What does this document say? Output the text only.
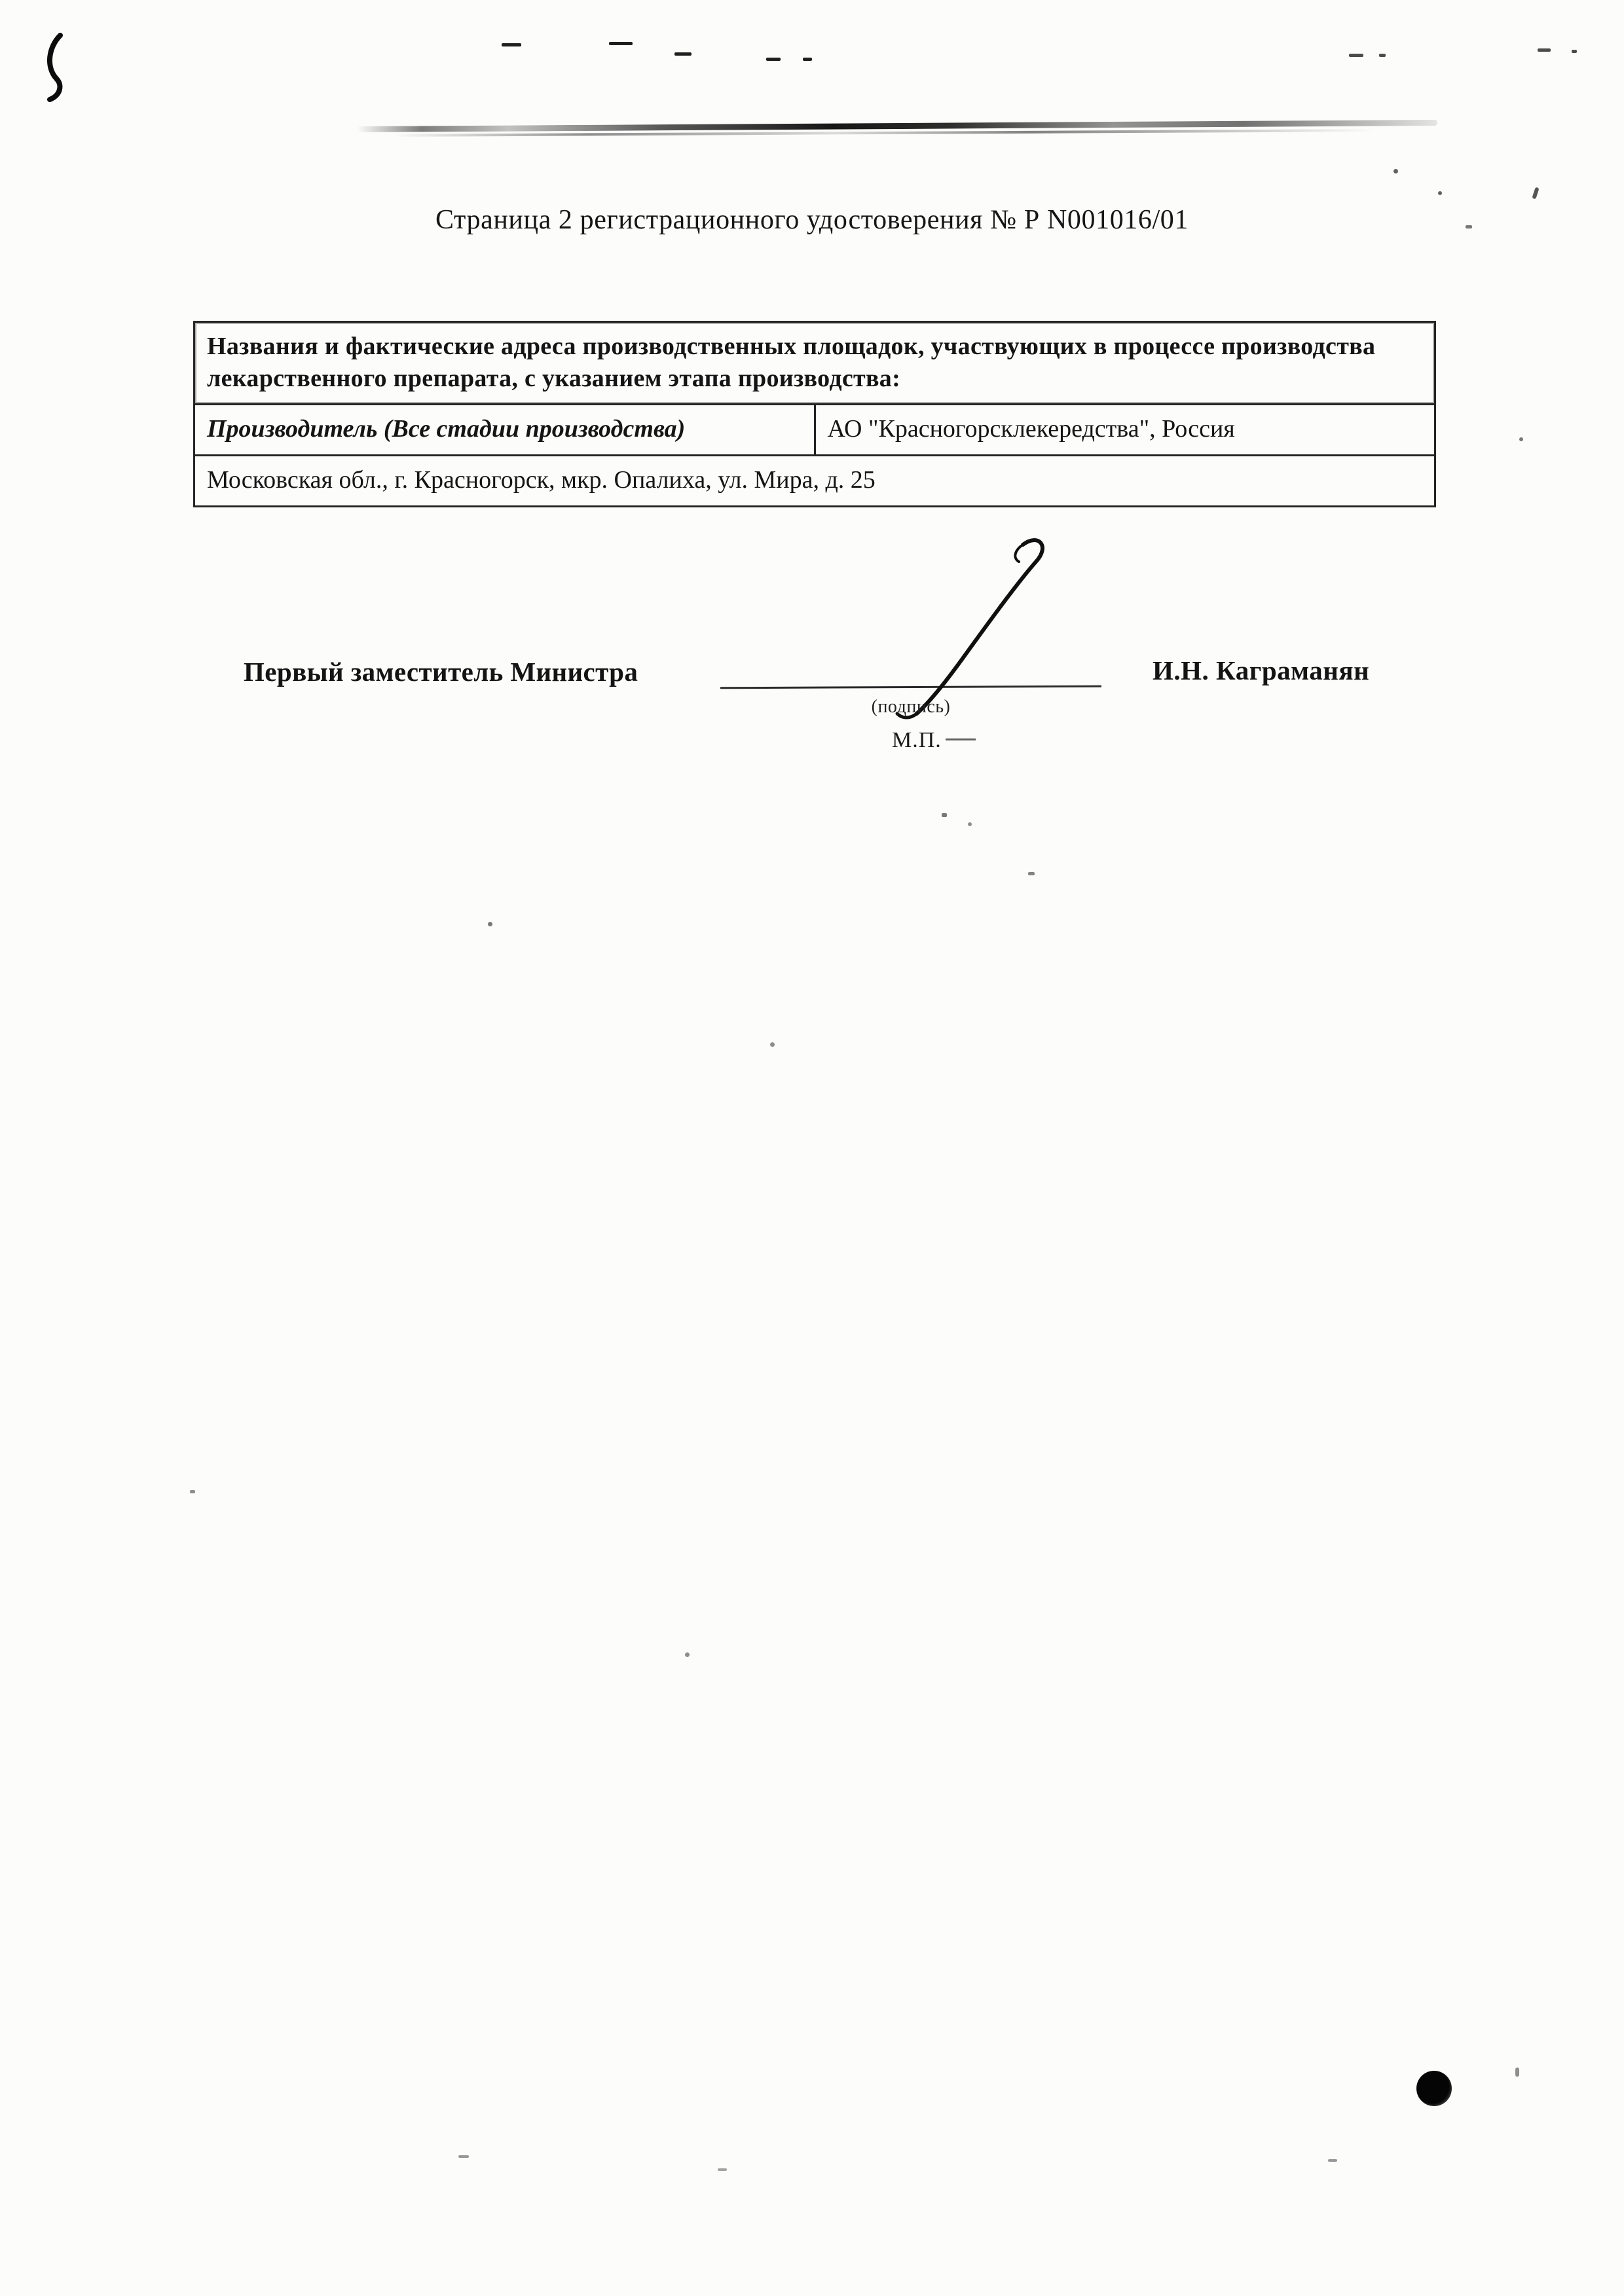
Страница 2 регистрационного удостоверения № Р N001016/01
Названия и фактические адреса производственных площадок, участвующих в процессе производства лекарственного препарата, с указанием этапа производства:
Производитель (Все стадии производства)	АО "Красногорсклекередства", Россия
Московская обл., г. Красногорск, мкр. Опалиха, ул. Мира, д. 25
Первый заместитель Министра
(подпись)
М.П.
И.Н. Каграманян
